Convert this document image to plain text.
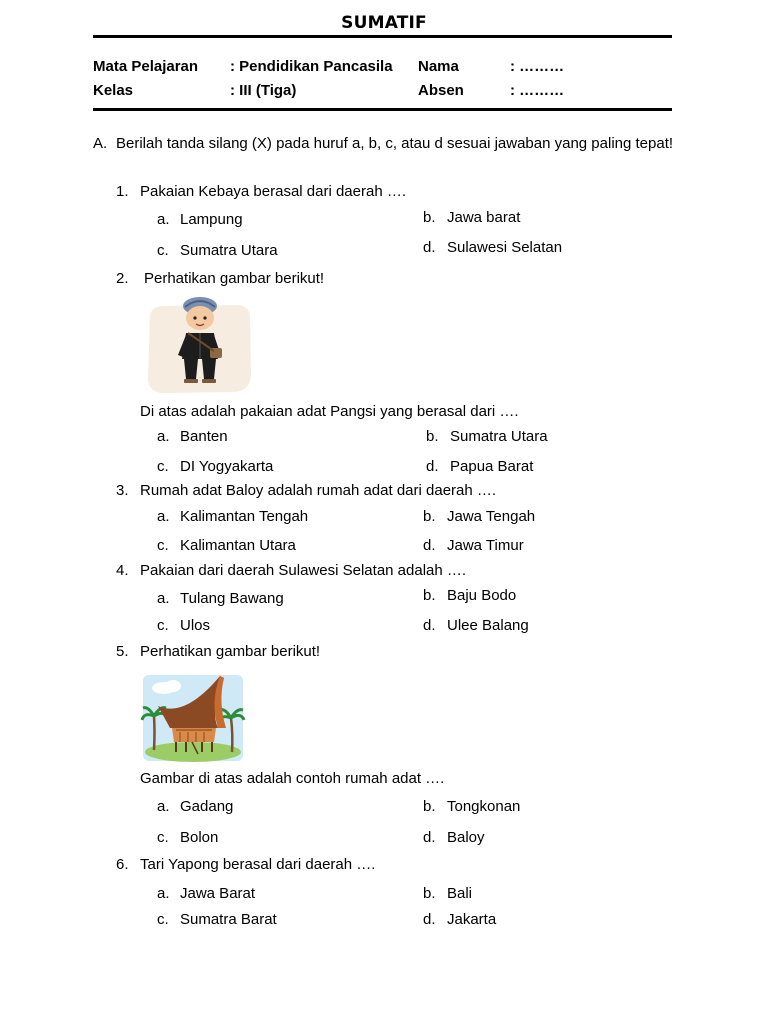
SUMATIF
Mata Pelajaran : Pendidikan Pancasila Nama	: ………
Kelas	: III (Tiga)	Absen	: ………
A. Berilah tanda silang (X) pada huruf a, b, c, atau d sesuai jawaban yang paling tepat!
1. Pakaian Kebaya berasal dari daerah ….
a. Lampung	b. Jawa barat
c. Sumatra Utara	d. Sulawesi Selatan
2.	Perhatikan gambar berikut!
Di atas adalah pakaian adat Pangsi yang berasal dari ….
a. Banten	b. Sumatra Utara
c. DI Yogyakarta	d. Papua Barat
3. Rumah adat Baloy adalah rumah adat dari daerah ….
a. Kalimantan Tengah	b. Jawa Tengah
c. Kalimantan Utara	d. Jawa Timur
4. Pakaian dari daerah Sulawesi Selatan adalah ….
a. Tulang Bawang	b. Baju Bodo
c. Ulos	d. Ulee Balang
5. Perhatikan gambar berikut!
Gambar di atas adalah contoh rumah adat ….
a. Gadang	b. Tongkonan
c. Bolon	d. Baloy
6. Tari Yapong berasal dari daerah ….
a. Jawa Barat	b. Bali
c. Sumatra Barat	d. Jakarta
